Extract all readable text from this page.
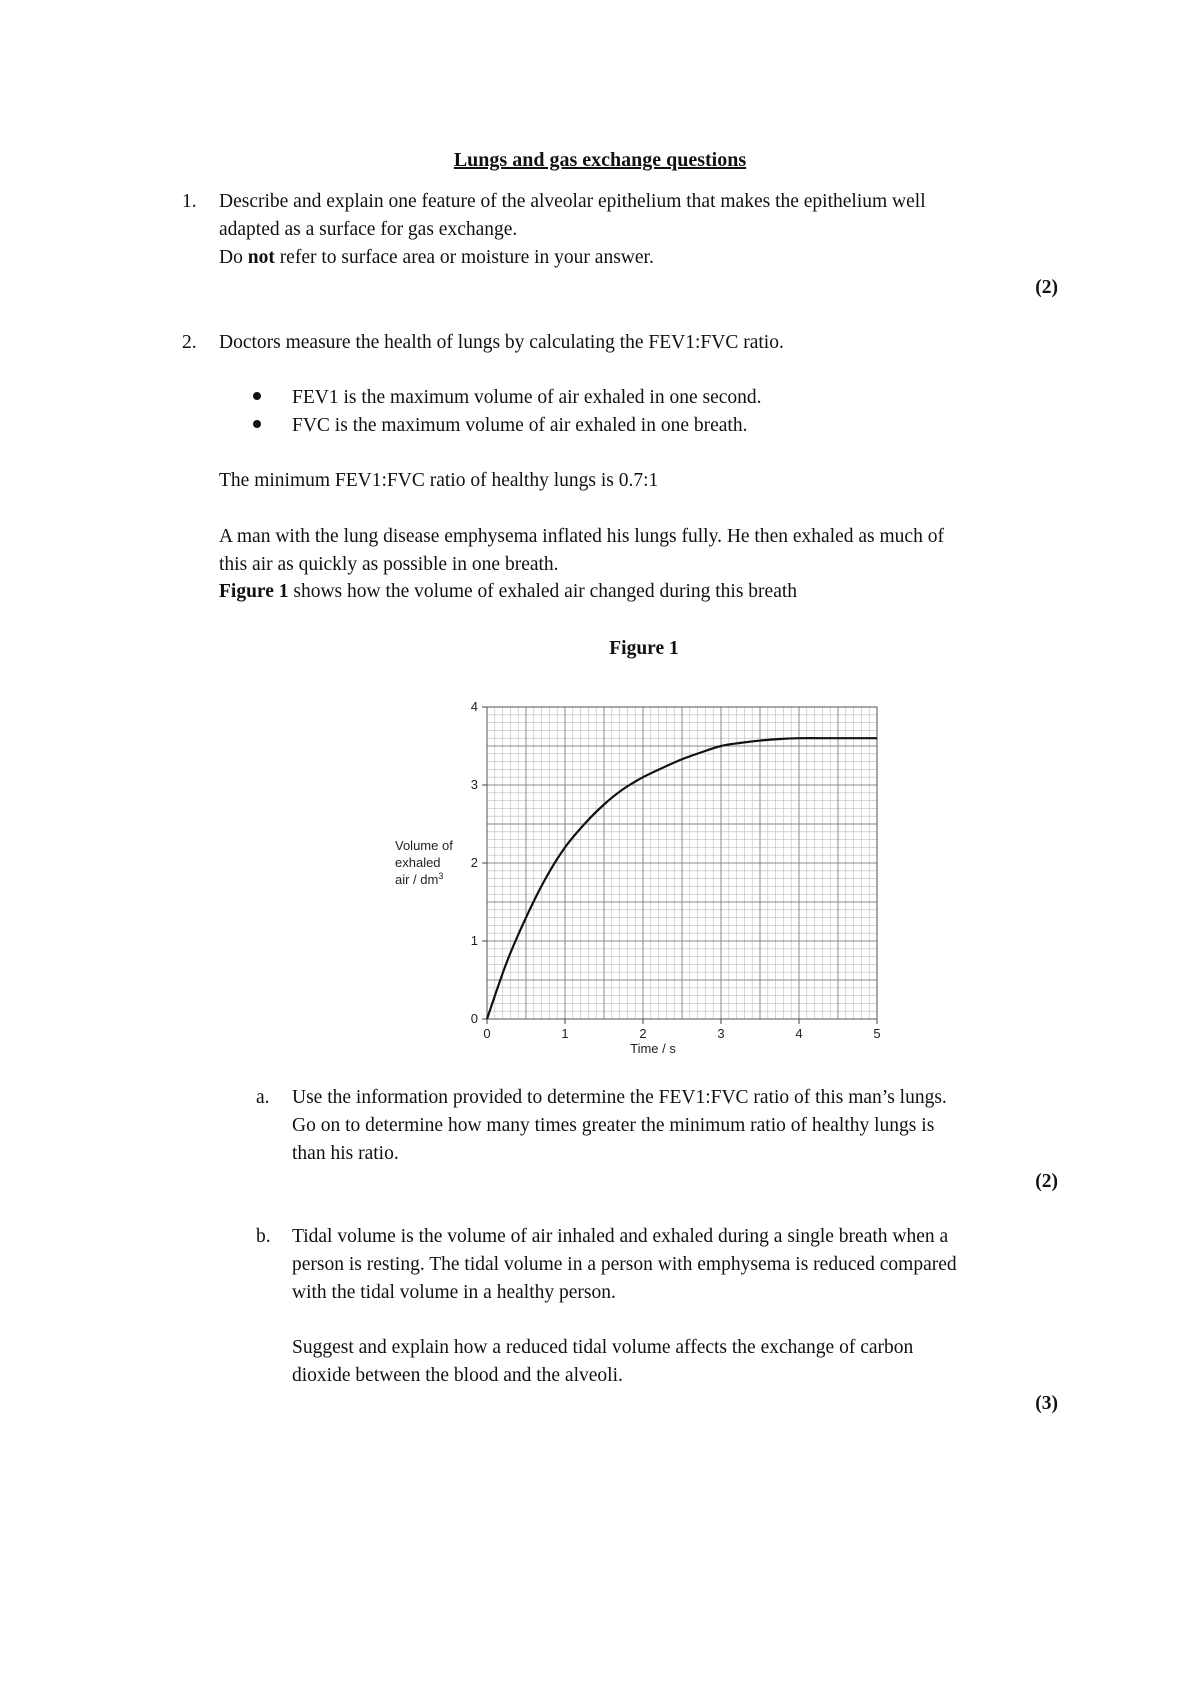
Lungs and gas exchange questions
1. Describe and explain one feature of the alveolar epithelium that makes the epithelium well
adapted as a surface for gas exchange.
Do not refer to surface area or moisture in your answer.
(2)
2. Doctors measure the health of lungs by calculating the FEV1:FVC ratio.
FEV1 is the maximum volume of air exhaled in one second.
FVC is the maximum volume of air exhaled in one breath.
The minimum FEV1:FVC ratio of healthy lungs is 0.7:1
A man with the lung disease emphysema inflated his lungs fully. He then exhaled as much of
this air as quickly as possible in one breath.
Figure 1 shows how the volume of exhaled air changed during this breath
Figure 1
0	1	2	3	4	5
0
1
2
3
4
Volume of
exhaled
air / $dm^3$
Time / s
a. Use the information provided to determine the FEV1:FVC ratio of this man’s lungs.
Go on to determine how many times greater the minimum ratio of healthy lungs is
than his ratio.
(2)
b. Tidal volume is the volume of air inhaled and exhaled during a single breath when a
person is resting. The tidal volume in a person with emphysema is reduced compared
with the tidal volume in a healthy person.
Suggest and explain how a reduced tidal volume affects the exchange of carbon
dioxide between the blood and the alveoli.
(3)
